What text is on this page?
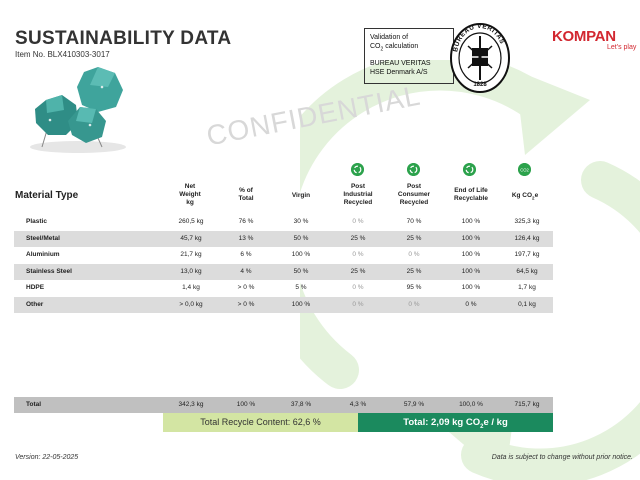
SUSTAINABILITY DATA
Item No. BLX410303-3017
CONFIDENTIAL
Validation of
$CO_2$ calculation
BUREAU VERITAS
HSE Denmark A/S
BUREAU VERITAS
1828
KOMPAN
Let's play
CO2
Material Type
Net
Weight
kg
% of
Total	Virgin
Post
Industrial
Recycled
Post
Consumer
Recycled
End of Life
Recyclable	Kg $CO_2e$
Plastic	260,5 kg	76 %	30 %	0 %	70 %	100 %	325,3 kg
Steel/Metal	45,7 kg	13 %	50 %	25 %	25 %	100 %	126,4 kg
Aluminium	21,7 kg	6 %	100 %	0 %	0 %	100 %	197,7 kg
Stainless Steel	13,0 kg	4 %	50 %	25 %	25 %	100 %	64,5 kg
HDPE	1,4 kg	> 0 %	5 %	0 %	95 %	100 %	1,7 kg
Other	> 0,0 kg	> 0 %	100 %	0 %	0 %	0 %	0,1 kg
Total	342,3 kg	100 %	37,8 %	4,3 %	57,9 %	100,0 %	715,7 kg
Total Recycle Content: 62,6 %	Total: 2,09 kg $CO_2e$ / kg
Version: 22-05-2025	Data is subject to change without prior notice.
